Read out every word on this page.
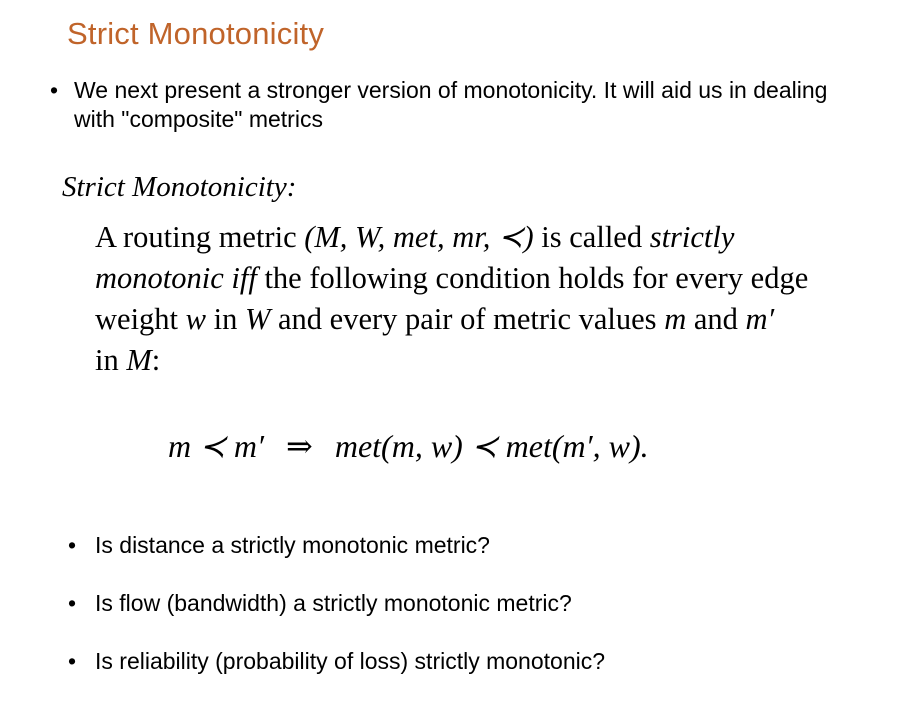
Strict Monotonicity
• We next present a stronger version of monotonicity. It will aid us in dealing with "composite" metrics
Strict Monotonicity:
A routing metric (M, W, met, mr, ≺) is called strictly
monotonic iff the following condition holds for every edge
weight w in W and every pair of metric values m and m′
in M:
m ≺ m′ ⇒ met(m, w) ≺ met(m′, w).
• Is distance a strictly monotonic metric?
• Is flow (bandwidth) a strictly monotonic metric?
• Is reliability (probability of loss) strictly monotonic?
